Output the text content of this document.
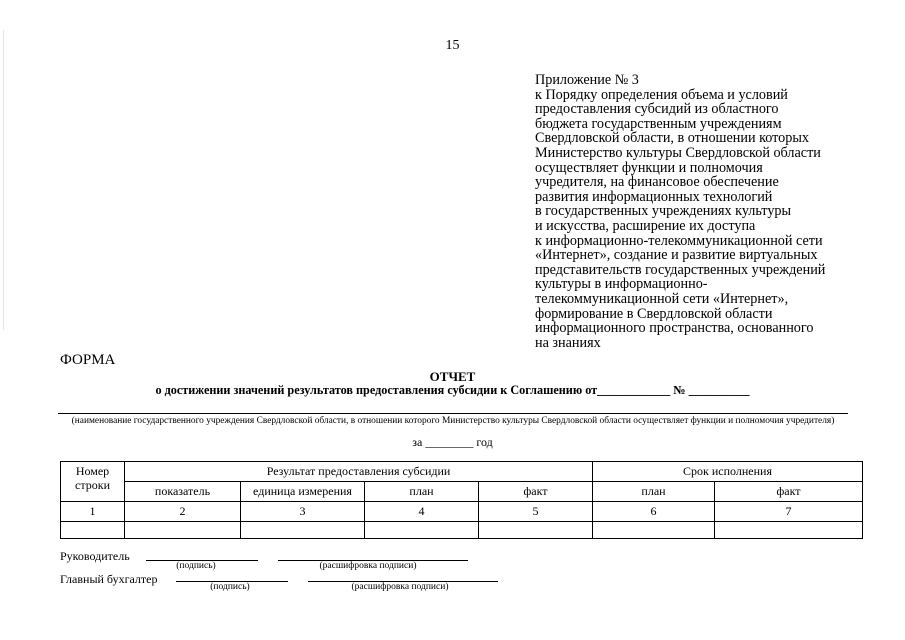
15
Приложение № 3
к Порядку определения объема и условий
предоставления субсидий из областного
бюджета государственным учреждениям
Свердловской области, в отношении которых
Министерство культуры Свердловской области
осуществляет функции и полномочия
учредителя, на финансовое обеспечение
развития информационных технологий
в государственных учреждениях культуры
и искусства, расширение их доступа
к информационно-телекоммуникационной сети
«Интернет», создание и развитие виртуальных
представительств государственных учреждений
культуры в информационно-
телекоммуникационной сети «Интернет»,
формирование в Свердловской области
информационного пространства, основанного
на знаниях
ФОРМА
ОТЧЕТ
о достижении значений результатов предоставления субсидии к Соглашению от____________ № __________
(наименование государственного учреждения Свердловской области, в отношении которого Министерство культуры Свердловской области осуществляет функции и полномочия учредителя)
за ________ год
Номер строки	Результат предоставления субсидии				Срок исполнения	
	показатель	единица измерения	план	факт	план	факт
1	2	3	4	5	6	7

Руководитель
(подпись)	(расшифровка подписи)
Главный бухгалтер
(подпись)	(расшифровка подписи)
